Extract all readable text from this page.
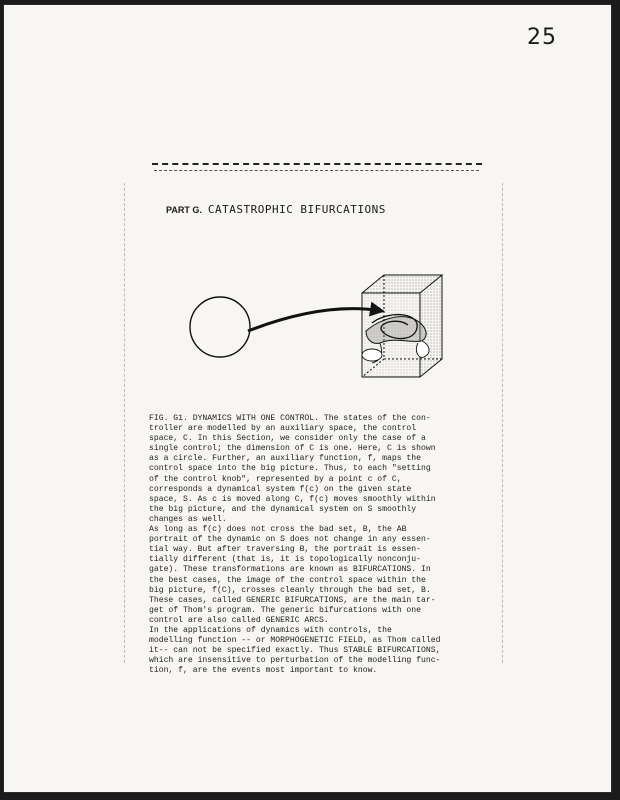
25
PART G. CATASTROPHIC BIFURCATIONS
FIG. G1. DYNAMICS WITH ONE CONTROL. The states of the con-
troller are modelled by an auxiliary space, the control
space, C. In this Section, we consider only the case of a
single control; the dimension of C is one. Here, C is shown
as a circle. Further, an auxiliary function, f, maps the
control space into the big picture. Thus, to each "setting
of the control knob", represented by a point c of C,
corresponds a dynamical system f(c) on the given state
space, S. As c is moved along C, f(c) moves smoothly within
the big picture, and the dynamical system on S smoothly
changes as well.
As long as f(c) does not cross the bad set, B, the AB
portrait of the dynamic on S does not change in any essen-
tial way. But after traversing B, the portrait is essen-
tially different (that is, it is topologically nonconju-
gate). These transformations are known as BIFURCATIONS. In
the best cases, the image of the control space within the
big picture, f(C), crosses cleanly through the bad set, B.
These cases, called GENERIC BIFURCATIONS, are the main tar-
get of Thom's program. The generic bifurcations with one
control are also called GENERIC ARCS.
In the applications of dynamics with controls, the
modelling function -- or MORPHOGENETIC FIELD, as Thom called
it-- can not be specified exactly. Thus STABLE BIFURCATIONS,
which are insensitive to perturbation of the modelling func-
tion, f, are the events most important to know.
